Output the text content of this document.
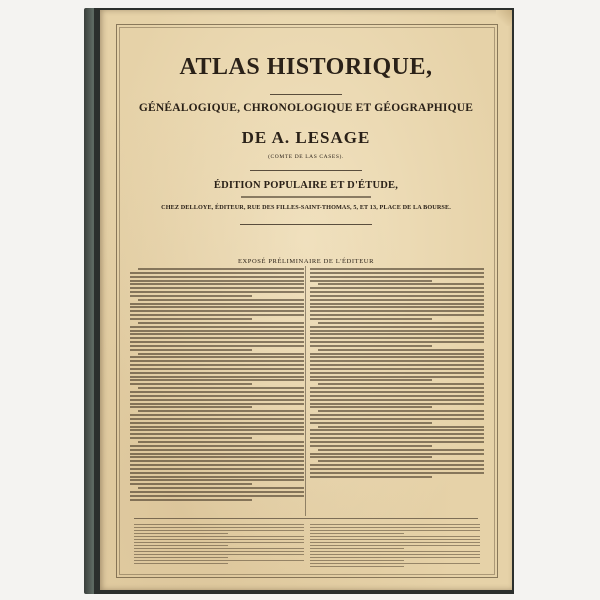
ATLAS HISTORIQUE,
GÉNÉALOGIQUE, CHRONOLOGIQUE ET GÉOGRAPHIQUE
DE A. LESAGE
(COMTE DE LAS CASES).
ÉDITION POPULAIRE ET D'ÉTUDE,
CHEZ DELLOYE, ÉDITEUR, RUE DES FILLES-SAINT-THOMAS, 5, ET 13, PLACE DE LA BOURSE.
EXPOSÉ PRÉLIMINAIRE DE L'ÉDITEUR
